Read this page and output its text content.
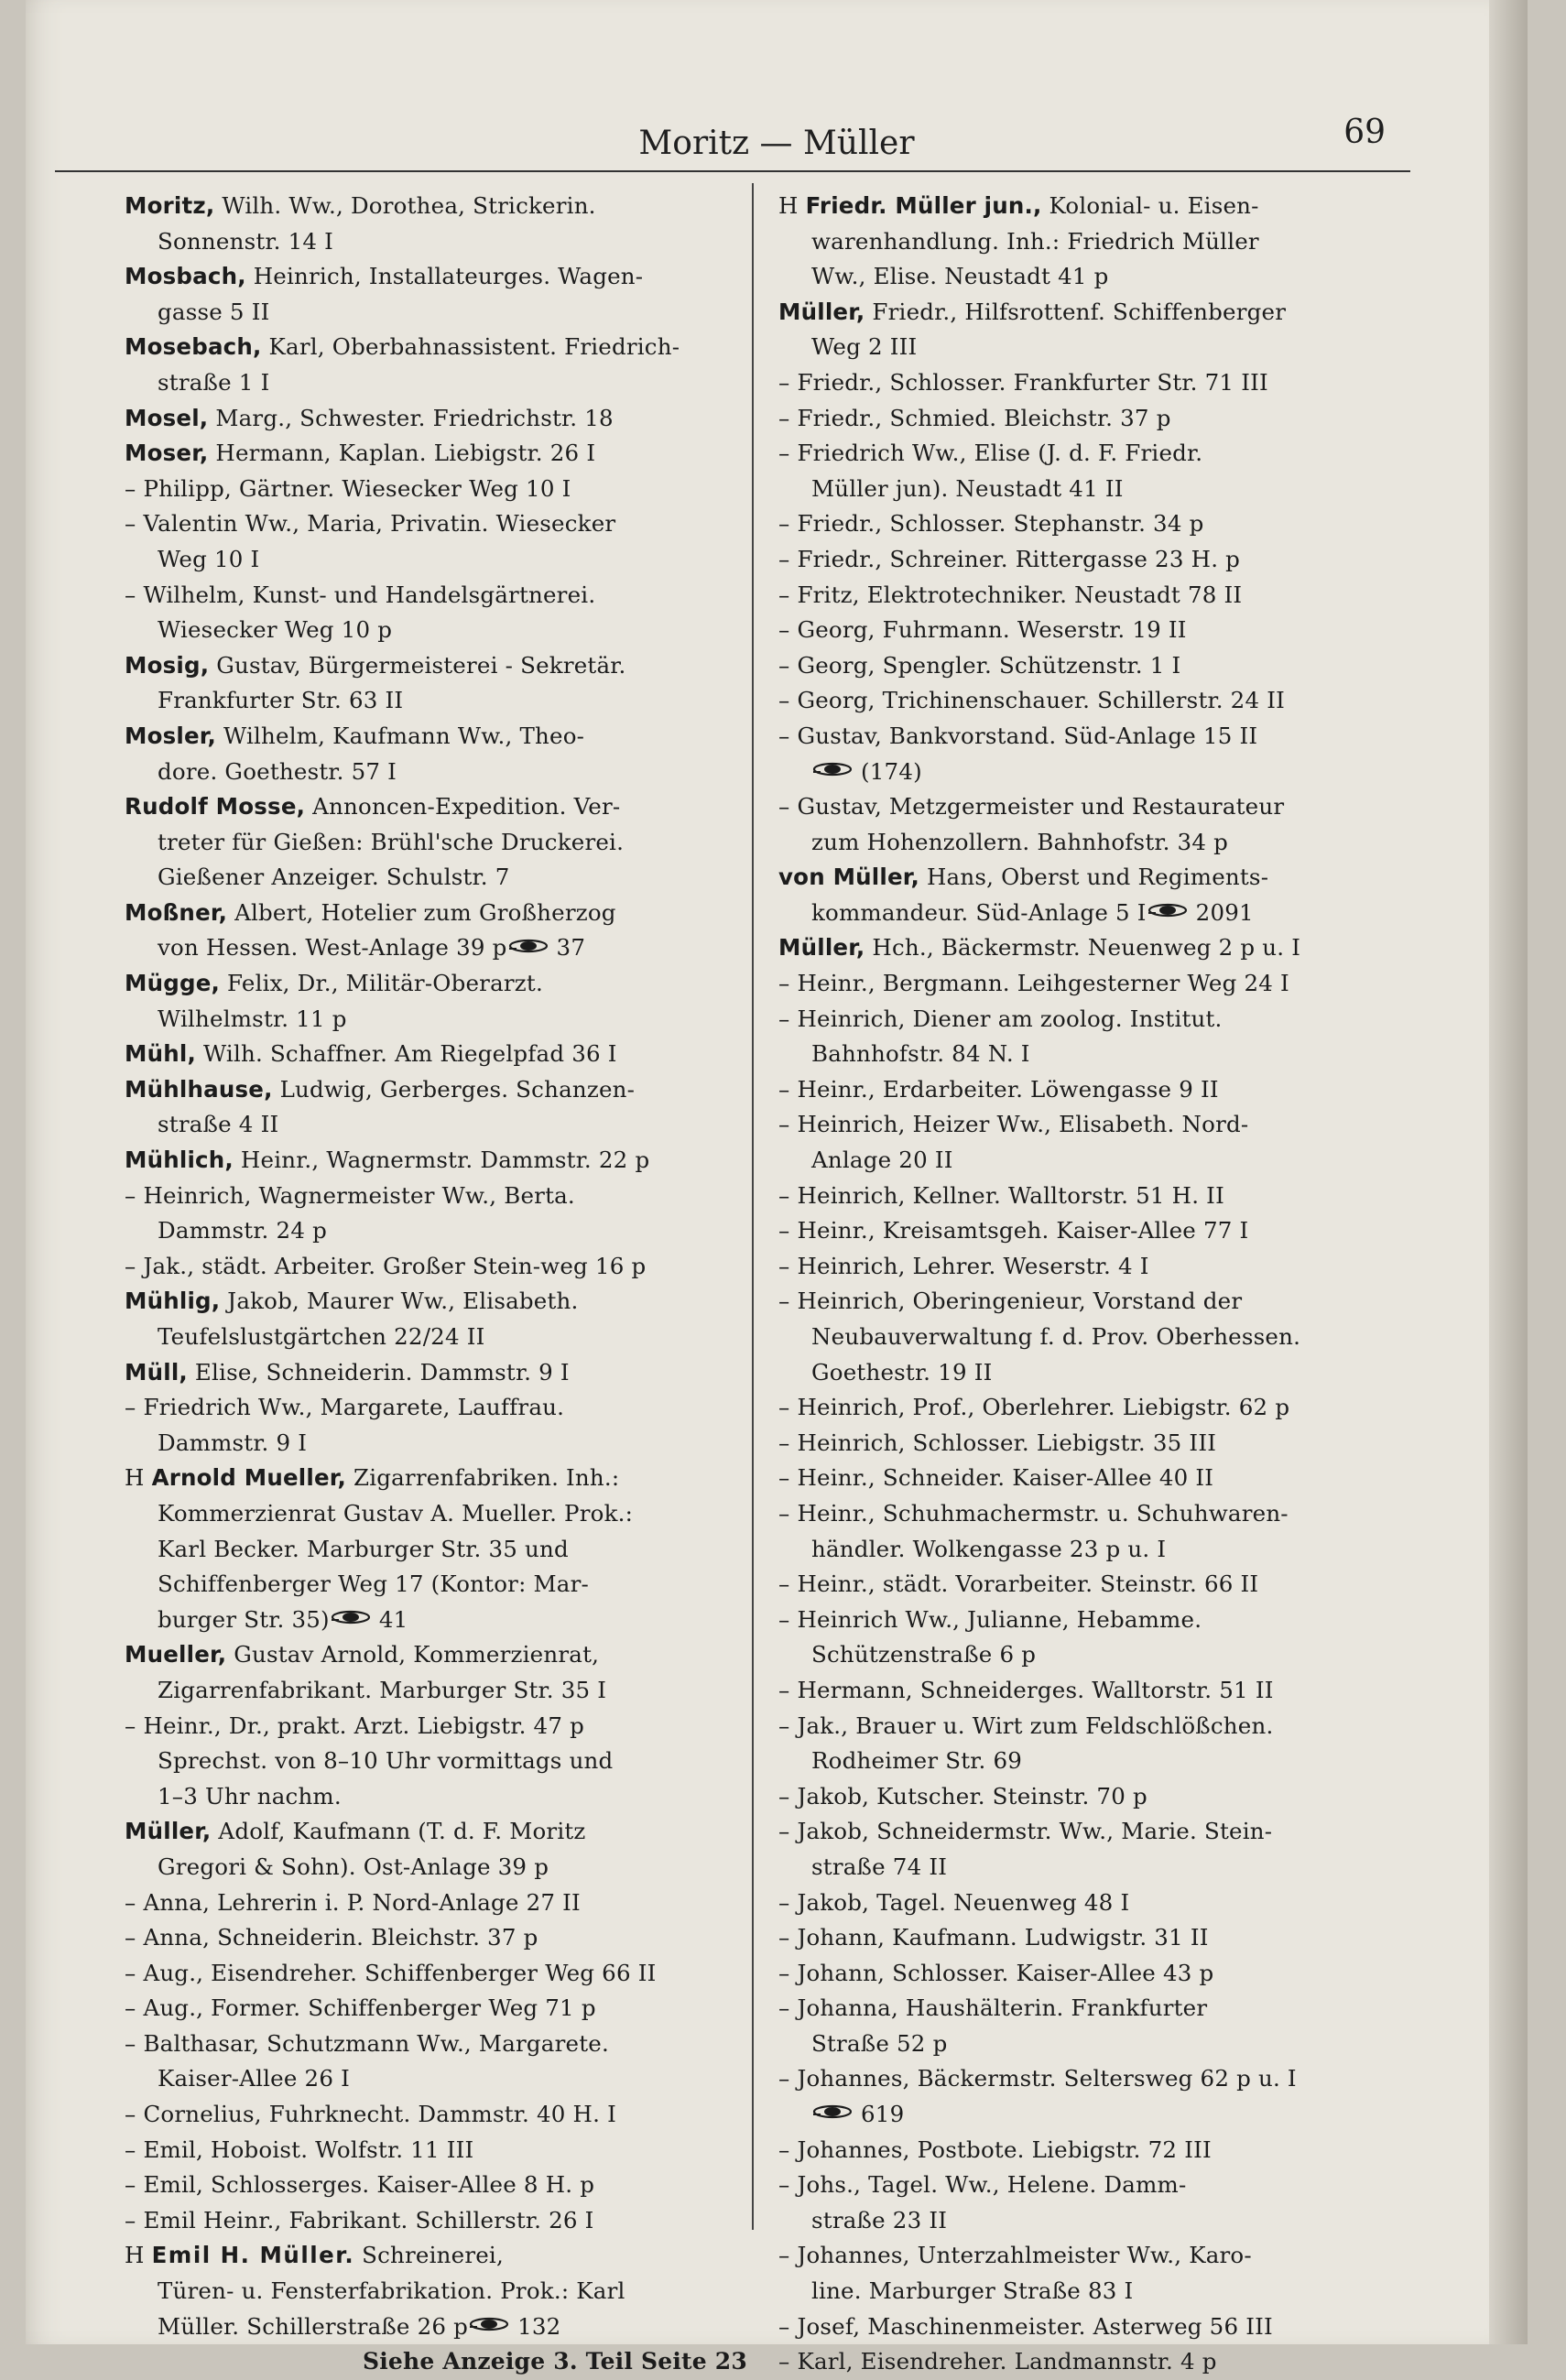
Moritz — Müller	69
Moritz, Wilh. Ww., Dorothea, Strickerin.
Sonnenstr. 14 I
Mosbach, Heinrich, Installateurges. Wagen-
gasse 5 II
Mosebach, Karl, Oberbahnassistent. Friedrich-
straße 1 I
Mosel, Marg., Schwester. Friedrichstr. 18
Moser, Hermann, Kaplan. Liebigstr. 26 I
– Philipp, Gärtner. Wiesecker Weg 10 I
– Valentin Ww., Maria, Privatin. Wiesecker
Weg 10 I
– Wilhelm, Kunst- und Handelsgärtnerei.
Wiesecker Weg 10 p
Mosig, Gustav, Bürgermeisterei - Sekretär.
Frankfurter Str. 63 II
Mosler, Wilhelm, Kaufmann Ww., Theo-
dore. Goethestr. 57 I
Rudolf Mosse, Annoncen-Expedition. Ver-
treter für Gießen: Brühl'sche Druckerei.
Gießener Anzeiger. Schulstr. 7
Moßner, Albert, Hotelier zum Großherzog
von Hessen. West-Anlage 39 p 37
Mügge, Felix, Dr., Militär-Oberarzt.
Wilhelmstr. 11 p
Mühl, Wilh. Schaffner. Am Riegelpfad 36 I
Mühlhause, Ludwig, Gerberges. Schanzen-
straße 4 II
Mühlich, Heinr., Wagnermstr. Dammstr. 22 p
– Heinrich, Wagnermeister Ww., Berta.
Dammstr. 24 p
– Jak., städt. Arbeiter. Großer Stein-weg 16 p
Mühlig, Jakob, Maurer Ww., Elisabeth.
Teufelslustgärtchen 22/24 II
Müll, Elise, Schneiderin. Dammstr. 9 I
– Friedrich Ww., Margarete, Lauffrau.
Dammstr. 9 I
H Arnold Mueller, Zigarrenfabriken. Inh.:
Kommerzienrat Gustav A. Mueller. Prok.:
Karl Becker. Marburger Str. 35 und
Schiffenberger Weg 17 (Kontor: Mar-
burger Str. 35) 41
Mueller, Gustav Arnold, Kommerzienrat,
Zigarrenfabrikant. Marburger Str. 35 I
– Heinr., Dr., prakt. Arzt. Liebigstr. 47 p
Sprechst. von 8–10 Uhr vormittags und
1–3 Uhr nachm.
Müller, Adolf, Kaufmann (T. d. F. Moritz
Gregori & Sohn). Ost-Anlage 39 p
– Anna, Lehrerin i. P. Nord-Anlage 27 II
– Anna, Schneiderin. Bleichstr. 37 p
– Aug., Eisendreher. Schiffenberger Weg 66 II
– Aug., Former. Schiffenberger Weg 71 p
– Balthasar, Schutzmann Ww., Margarete.
Kaiser-Allee 26 I
– Cornelius, Fuhrknecht. Dammstr. 40 H. I
– Emil, Hoboist. Wolfstr. 11 III
– Emil, Schlosserges. Kaiser-Allee 8 H. p
– Emil Heinr., Fabrikant. Schillerstr. 26 I
H Emil H. Müller. Schreinerei,
Türen- u. Fensterfabrikation. Prok.: Karl
Müller. Schillerstraße 26 p 132
Siehe Anzeige 3. Teil Seite 23
H Friedr. Müller jun., Kolonial- u. Eisen-
warenhandlung. Inh.: Friedrich Müller
Ww., Elise. Neustadt 41 p
Müller, Friedr., Hilfsrottenf. Schiffenberger
Weg 2 III
– Friedr., Schlosser. Frankfurter Str. 71 III
– Friedr., Schmied. Bleichstr. 37 p
– Friedrich Ww., Elise (J. d. F. Friedr.
Müller jun). Neustadt 41 II
– Friedr., Schlosser. Stephanstr. 34 p
– Friedr., Schreiner. Rittergasse 23 H. p
– Fritz, Elektrotechniker. Neustadt 78 II
– Georg, Fuhrmann. Weserstr. 19 II
– Georg, Spengler. Schützenstr. 1 I
– Georg, Trichinenschauer. Schillerstr. 24 II
– Gustav, Bankvorstand. Süd-Anlage 15 II
(174)
– Gustav, Metzgermeister und Restaurateur
zum Hohenzollern. Bahnhofstr. 34 p
von Müller, Hans, Oberst und Regiments-
kommandeur. Süd-Anlage 5 I 2091
Müller, Hch., Bäckermstr. Neuenweg 2 p u. I
– Heinr., Bergmann. Leihgesterner Weg 24 I
– Heinrich, Diener am zoolog. Institut.
Bahnhofstr. 84 N. I
– Heinr., Erdarbeiter. Löwengasse 9 II
– Heinrich, Heizer Ww., Elisabeth. Nord-
Anlage 20 II
– Heinrich, Kellner. Walltorstr. 51 H. II
– Heinr., Kreisamtsgeh. Kaiser-Allee 77 I
– Heinrich, Lehrer. Weserstr. 4 I
– Heinrich, Oberingenieur, Vorstand der
Neubauverwaltung f. d. Prov. Oberhessen.
Goethestr. 19 II
– Heinrich, Prof., Oberlehrer. Liebigstr. 62 p
– Heinrich, Schlosser. Liebigstr. 35 III
– Heinr., Schneider. Kaiser-Allee 40 II
– Heinr., Schuhmachermstr. u. Schuhwaren-
händler. Wolkengasse 23 p u. I
– Heinr., städt. Vorarbeiter. Steinstr. 66 II
– Heinrich Ww., Julianne, Hebamme.
Schützenstraße 6 p
– Hermann, Schneiderges. Walltorstr. 51 II
– Jak., Brauer u. Wirt zum Feldschlößchen.
Rodheimer Str. 69
– Jakob, Kutscher. Steinstr. 70 p
– Jakob, Schneidermstr. Ww., Marie. Stein-
straße 74 II
– Jakob, Tagel. Neuenweg 48 I
– Johann, Kaufmann. Ludwigstr. 31 II
– Johann, Schlosser. Kaiser-Allee 43 p
– Johanna, Haushälterin. Frankfurter
Straße 52 p
– Johannes, Bäckermstr. Seltersweg 62 p u. I
619
– Johannes, Postbote. Liebigstr. 72 III
– Johs., Tagel. Ww., Helene. Damm-
straße 23 II
– Johannes, Unterzahlmeister Ww., Karo-
line. Marburger Straße 83 I
– Josef, Maschinenmeister. Asterweg 56 III
– Karl, Eisendreher. Landmannstr. 4 p
